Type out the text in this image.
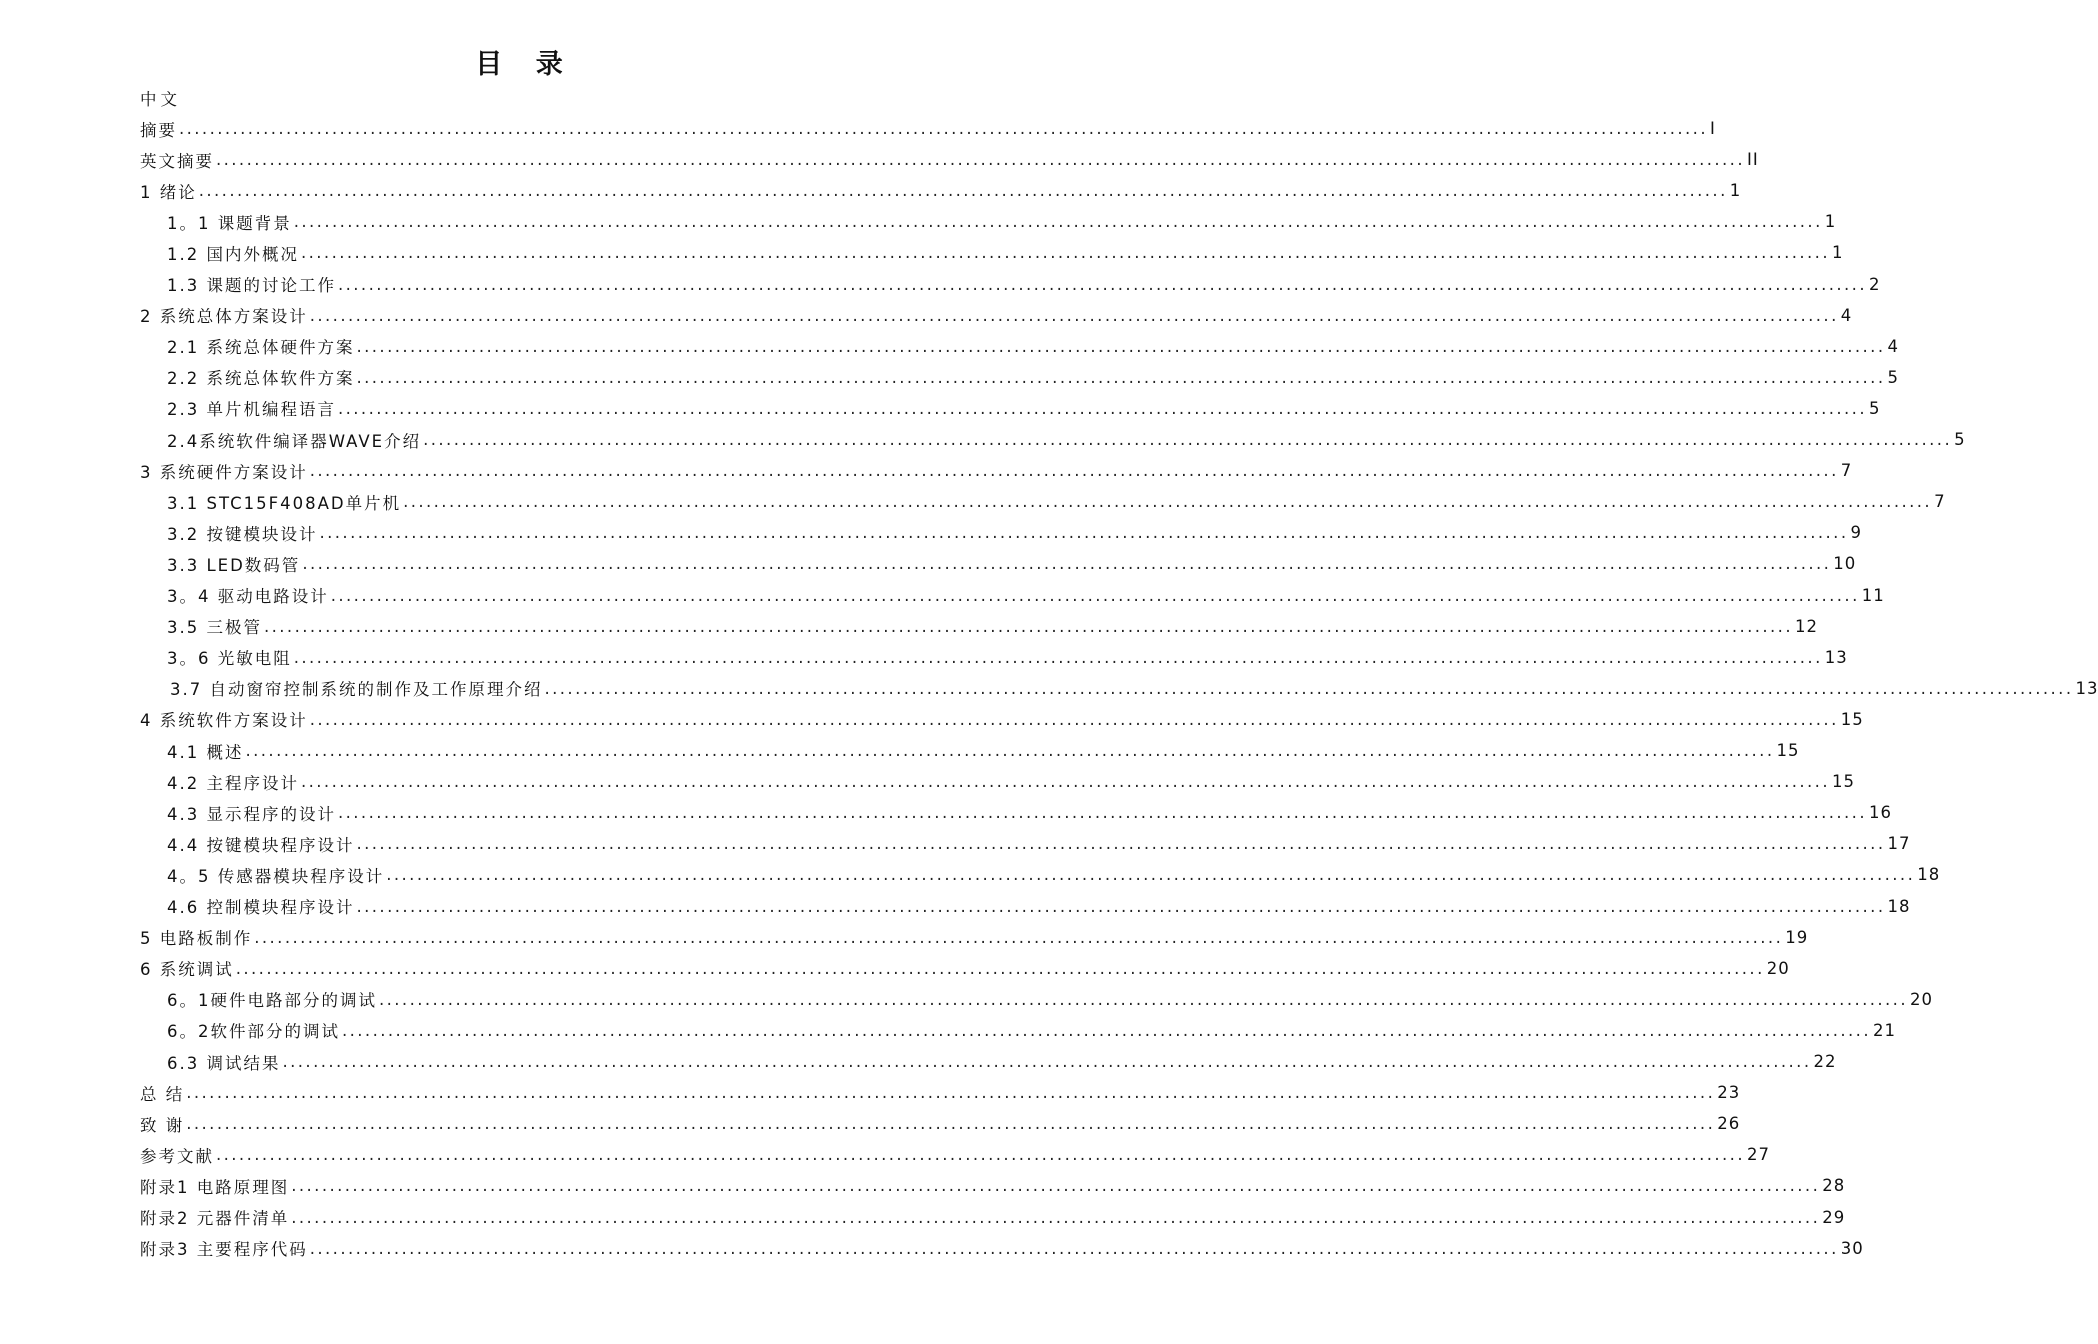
目 录
中文
摘要 ........................................................................................................................................................................................................ I
英文摘要 ........................................................................................................................................................................................................ II
1 绪论 ........................................................................................................................................................................................................ 1
1。1 课题背景 ........................................................................................................................................................................................................ 1
1.2 国内外概况 ........................................................................................................................................................................................................ 1
1.3 课题的讨论工作 ........................................................................................................................................................................................................ 2
2 系统总体方案设计 ........................................................................................................................................................................................................ 4
2.1 系统总体硬件方案 ........................................................................................................................................................................................................ 4
2.2 系统总体软件方案 ........................................................................................................................................................................................................ 5
2.3 单片机编程语言 ........................................................................................................................................................................................................ 5
2.4系统软件编译器WAVE介绍 ........................................................................................................................................................................................................ 5
3 系统硬件方案设计 ........................................................................................................................................................................................................ 7
3.1 STC15F408AD单片机 ........................................................................................................................................................................................................ 7
3.2 按键模块设计 ........................................................................................................................................................................................................ 9
3.3 LED数码管 ........................................................................................................................................................................................................ 10
3。4 驱动电路设计 ........................................................................................................................................................................................................ 11
3.5 三极管 ........................................................................................................................................................................................................ 12
3。6 光敏电阻 ........................................................................................................................................................................................................ 13
3.7 自动窗帘控制系统的制作及工作原理介绍 ........................................................................................................................................................................................................ 13
4 系统软件方案设计 ........................................................................................................................................................................................................ 15
4.1 概述 ........................................................................................................................................................................................................ 15
4.2 主程序设计 ........................................................................................................................................................................................................ 15
4.3 显示程序的设计 ........................................................................................................................................................................................................ 16
4.4 按键模块程序设计 ........................................................................................................................................................................................................ 17
4。5 传感器模块程序设计 ........................................................................................................................................................................................................ 18
4.6 控制模块程序设计 ........................................................................................................................................................................................................ 18
5 电路板制作 ........................................................................................................................................................................................................ 19
6 系统调试 ........................................................................................................................................................................................................ 20
6。1硬件电路部分的调试 ........................................................................................................................................................................................................ 20
6。2软件部分的调试 ........................................................................................................................................................................................................ 21
6.3 调试结果 ........................................................................................................................................................................................................ 22
总 结 ........................................................................................................................................................................................................ 23
致 谢 ........................................................................................................................................................................................................ 26
参考文献 ........................................................................................................................................................................................................ 27
附录1 电路原理图 ........................................................................................................................................................................................................ 28
附录2 元器件清单 ........................................................................................................................................................................................................ 29
附录3 主要程序代码 ........................................................................................................................................................................................................ 30
